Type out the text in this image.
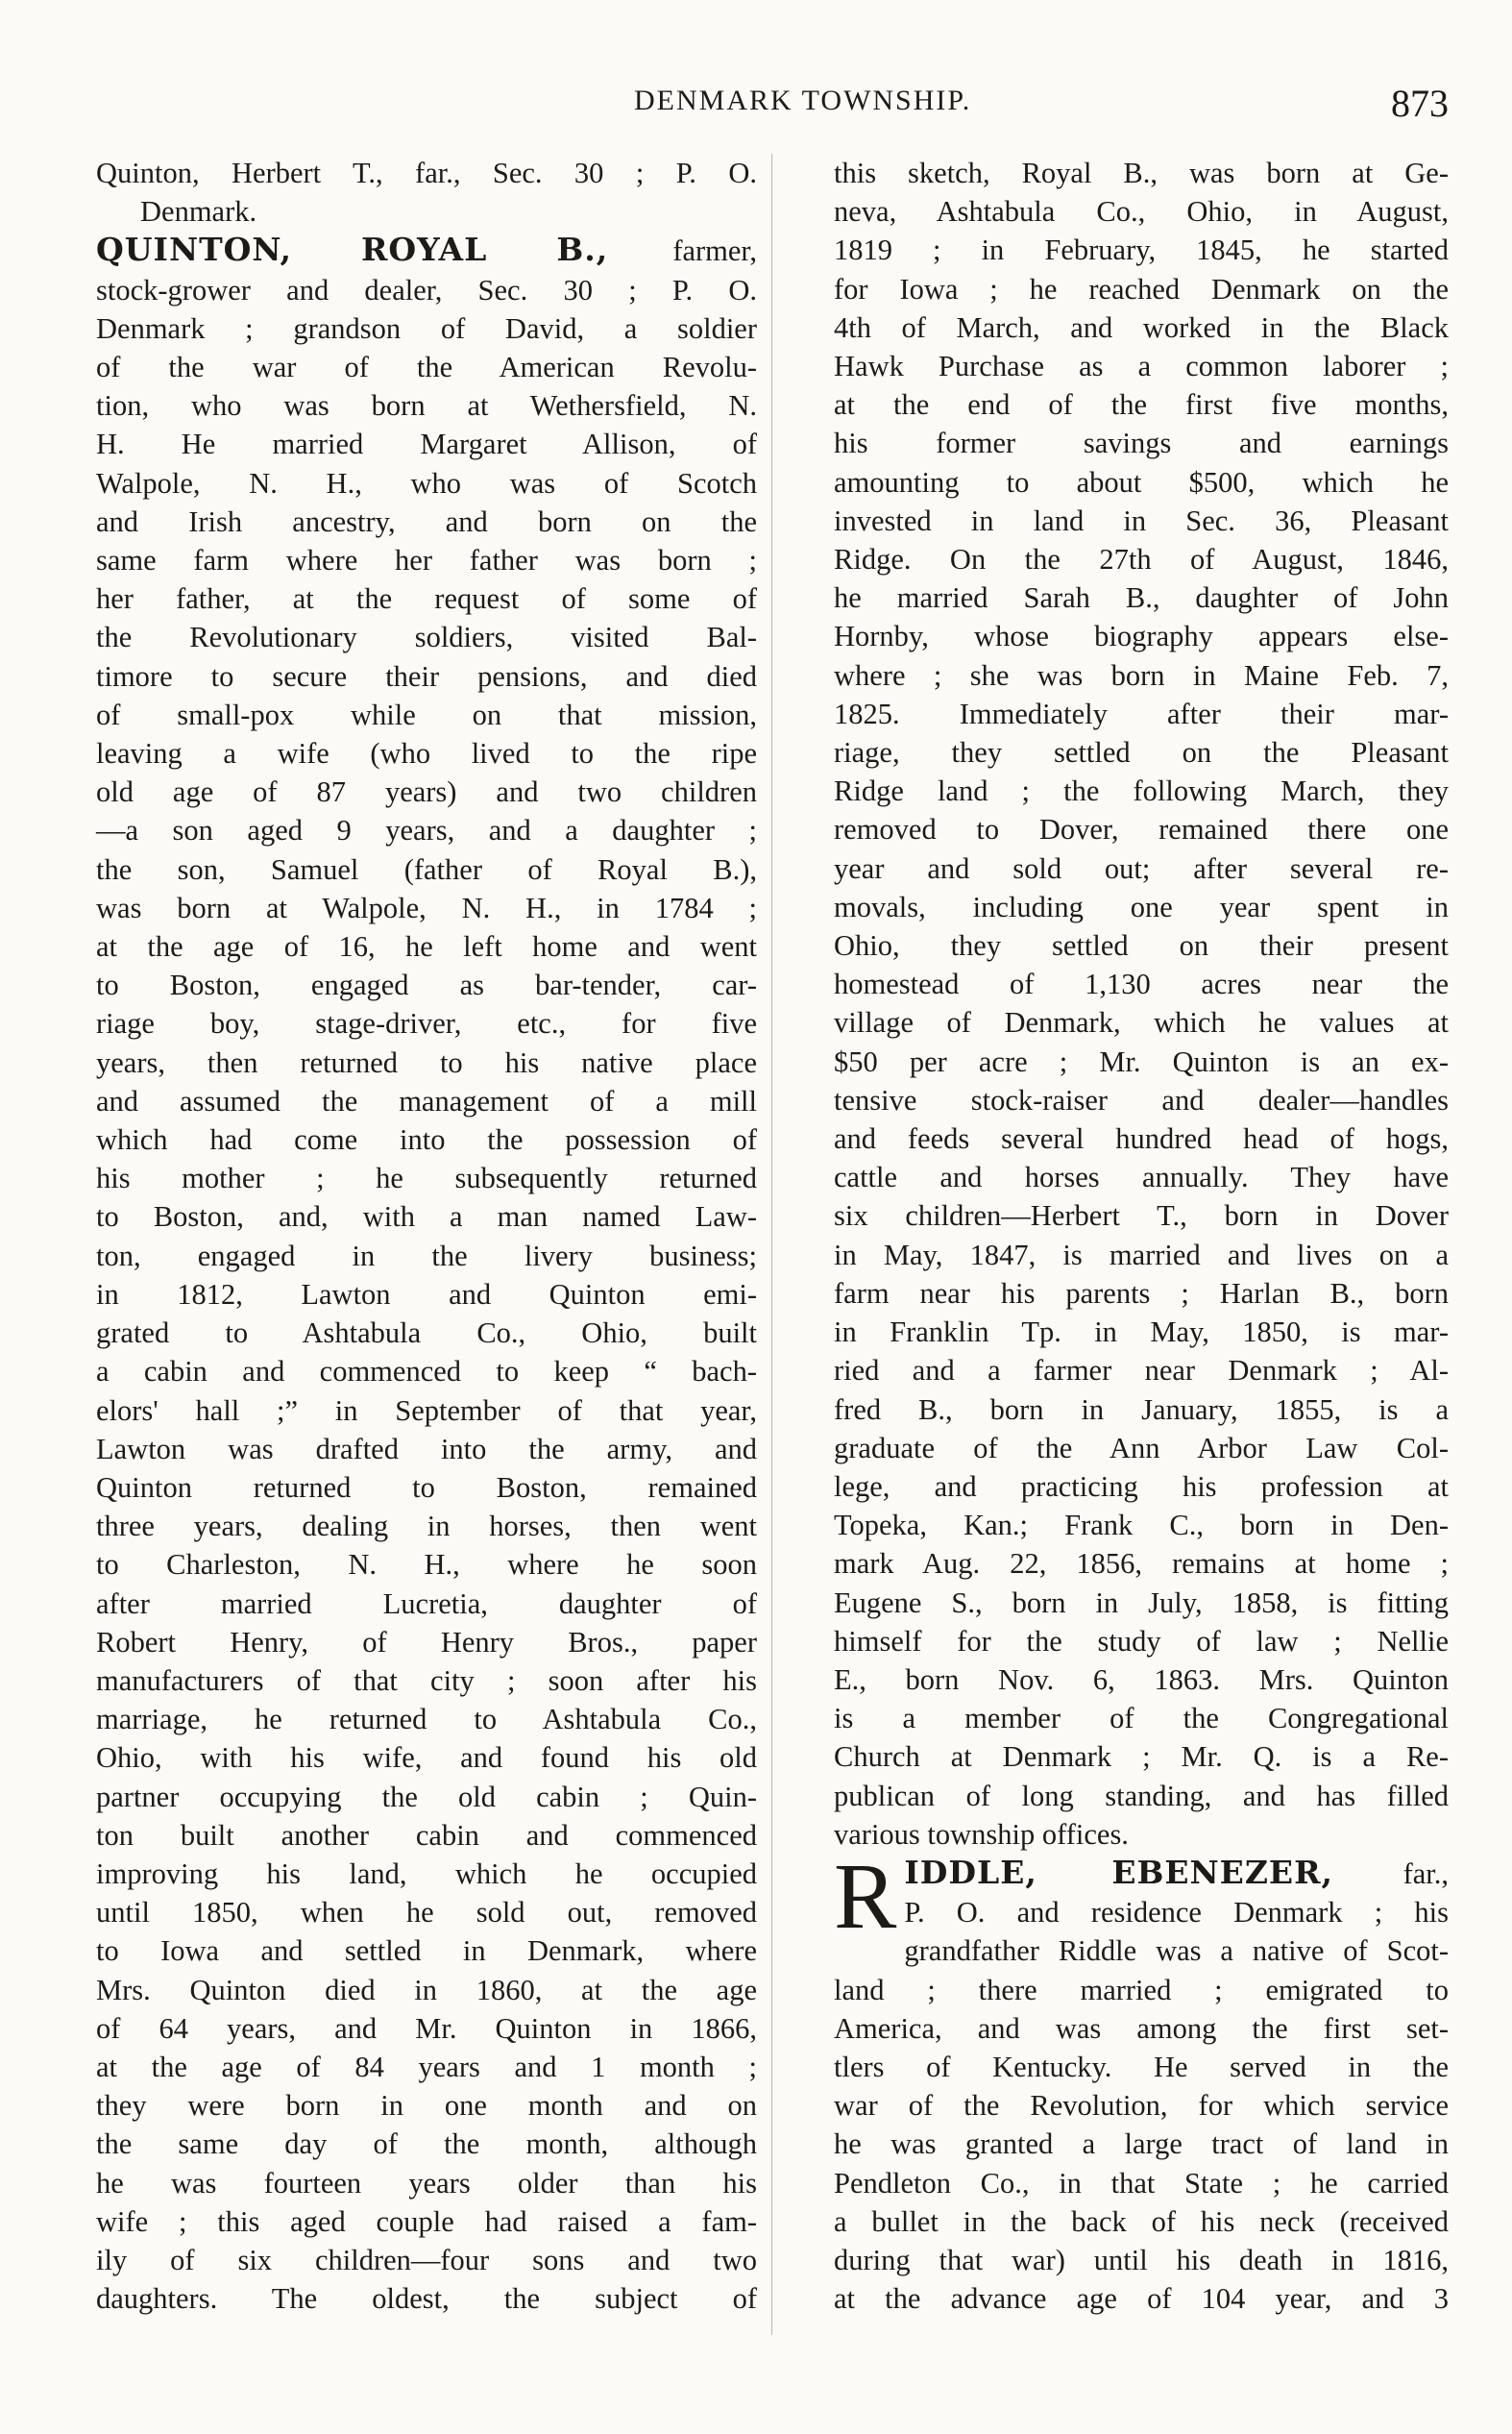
DENMARK TOWNSHIP.	873
Quinton, Herbert T., far., Sec. 30 ; P. O.
Denmark.
QUINTON, ROYAL B., farmer,
stock-grower and dealer, Sec. 30 ; P. O.
Denmark ; grandson of David, a soldier
of the war of the American Revolu-
tion, who was born at Wethersfield, N.
H. He married Margaret Allison, of
Walpole, N. H., who was of Scotch
and Irish ancestry, and born on the
same farm where her father was born ;
her father, at the request of some of
the Revolutionary soldiers, visited Bal-
timore to secure their pensions, and died
of small-pox while on that mission,
leaving a wife (who lived to the ripe
old age of 87 years) and two children
—a son aged 9 years, and a daughter ;
the son, Samuel (father of Royal B.),
was born at Walpole, N. H., in 1784 ;
at the age of 16, he left home and went
to Boston, engaged as bar-tender, car-
riage boy, stage-driver, etc., for five
years, then returned to his native place
and assumed the management of a mill
which had come into the possession of
his mother ; he subsequently returned
to Boston, and, with a man named Law-
ton, engaged in the livery business;
in 1812, Lawton and Quinton emi-
grated to Ashtabula Co., Ohio, built
a cabin and commenced to keep “ bach-
elors' hall ;” in September of that year,
Lawton was drafted into the army, and
Quinton returned to Boston, remained
three years, dealing in horses, then went
to Charleston, N. H., where he soon
after married Lucretia, daughter of
Robert Henry, of Henry Bros., paper
manufacturers of that city ; soon after his
marriage, he returned to Ashtabula Co.,
Ohio, with his wife, and found his old
partner occupying the old cabin ; Quin-
ton built another cabin and commenced
improving his land, which he occupied
until 1850, when he sold out, removed
to Iowa and settled in Denmark, where
Mrs. Quinton died in 1860, at the age
of 64 years, and Mr. Quinton in 1866,
at the age of 84 years and 1 month ;
they were born in one month and on
the same day of the month, although
he was fourteen years older than his
wife ; this aged couple had raised a fam-
ily of six children—four sons and two
daughters. The oldest, the subject of
this sketch, Royal B., was born at Ge-
neva, Ashtabula Co., Ohio, in August,
1819 ; in February, 1845, he started
for Iowa ; he reached Denmark on the
4th of March, and worked in the Black
Hawk Purchase as a common laborer ;
at the end of the first five months,
his former savings and earnings
amounting to about $500, which he
invested in land in Sec. 36, Pleasant
Ridge. On the 27th of August, 1846,
he married Sarah B., daughter of John
Hornby, whose biography appears else-
where ; she was born in Maine Feb. 7,
1825. Immediately after their mar-
riage, they settled on the Pleasant
Ridge land ; the following March, they
removed to Dover, remained there one
year and sold out; after several re-
movals, including one year spent in
Ohio, they settled on their present
homestead of 1,130 acres near the
village of Denmark, which he values at
$50 per acre ; Mr. Quinton is an ex-
tensive stock-raiser and dealer—handles
and feeds several hundred head of hogs,
cattle and horses annually. They have
six children—Herbert T., born in Dover
in May, 1847, is married and lives on a
farm near his parents ; Harlan B., born
in Franklin Tp. in May, 1850, is mar-
ried and a farmer near Denmark ; Al-
fred B., born in January, 1855, is a
graduate of the Ann Arbor Law Col-
lege, and practicing his profession at
Topeka, Kan.; Frank C., born in Den-
mark Aug. 22, 1856, remains at home ;
Eugene S., born in July, 1858, is fitting
himself for the study of law ; Nellie
E., born Nov. 6, 1863. Mrs. Quinton
is a member of the Congregational
Church at Denmark ; Mr. Q. is a Re-
publican of long standing, and has filled
various township offices.
R IDDLE, EBENEZER, far.,
P. O. and residence Denmark ; his
grandfather Riddle was a native of Scot-
land ; there married ; emigrated to
America, and was among the first set-
tlers of Kentucky. He served in the
war of the Revolution, for which service
he was granted a large tract of land in
Pendleton Co., in that State ; he carried
a bullet in the back of his neck (received
during that war) until his death in 1816,
at the advance age of 104 year, and 3
